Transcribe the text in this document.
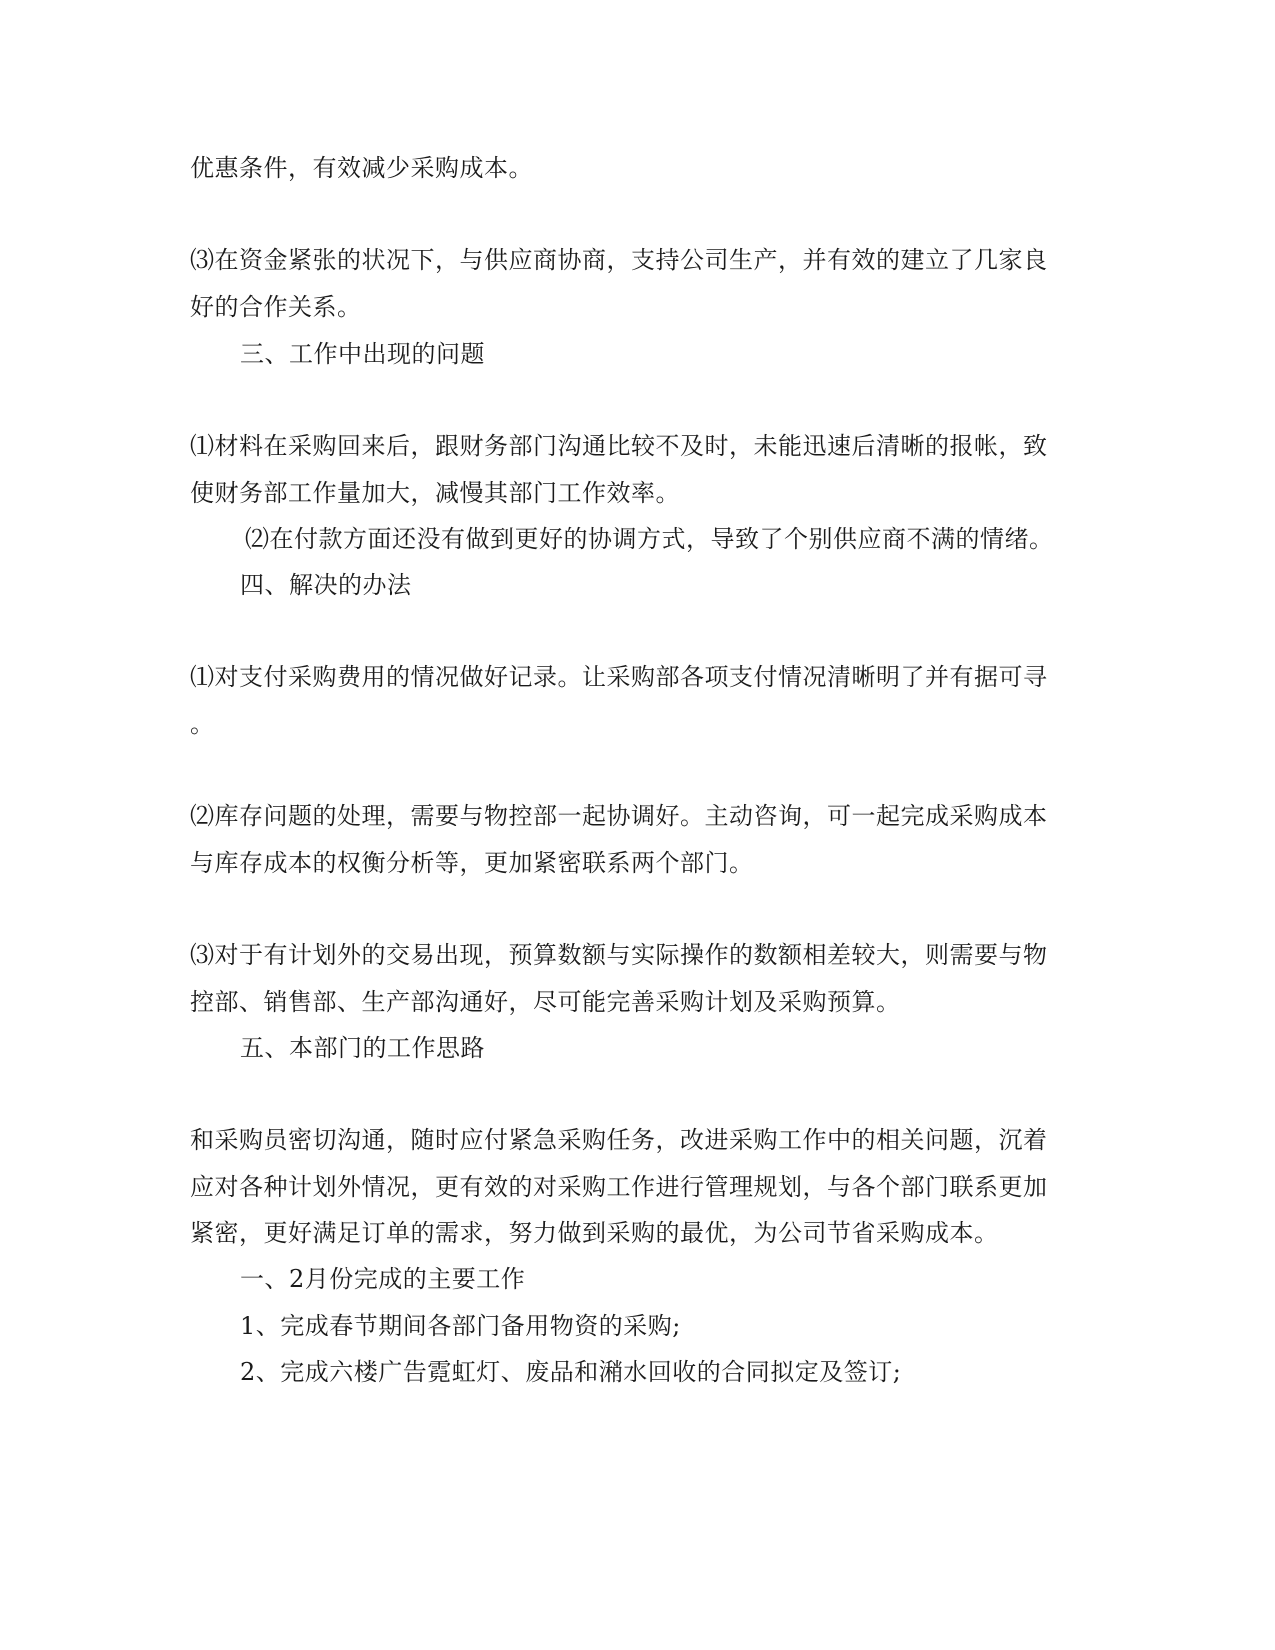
优惠条件，有效减少采购成本。
⑶在资金紧张的状况下，与供应商协商，支持公司生产，并有效的建立了几家良
好的合作关系。
三、工作中出现的问题
⑴材料在采购回来后，跟财务部门沟通比较不及时，未能迅速后清晰的报帐，致
使财务部工作量加大，减慢其部门工作效率。
⑵在付款方面还没有做到更好的协调方式，导致了个别供应商不满的情绪。
四、解决的办法
⑴对支付采购费用的情况做好记录。让采购部各项支付情况清晰明了并有据可寻
。
⑵库存问题的处理，需要与物控部一起协调好。主动咨询，可一起完成采购成本
与库存成本的权衡分析等，更加紧密联系两个部门。
⑶对于有计划外的交易出现，预算数额与实际操作的数额相差较大，则需要与物
控部、销售部、生产部沟通好，尽可能完善采购计划及采购预算。
五、本部门的工作思路
和采购员密切沟通，随时应付紧急采购任务，改进采购工作中的相关问题，沉着
应对各种计划外情况，更有效的对采购工作进行管理规划，与各个部门联系更加
紧密，更好满足订单的需求，努力做到采购的最优，为公司节省采购成本。
一、2月份完成的主要工作
1、完成春节期间各部门备用物资的采购;
2、完成六楼广告霓虹灯、废品和潲水回收的合同拟定及签订;
